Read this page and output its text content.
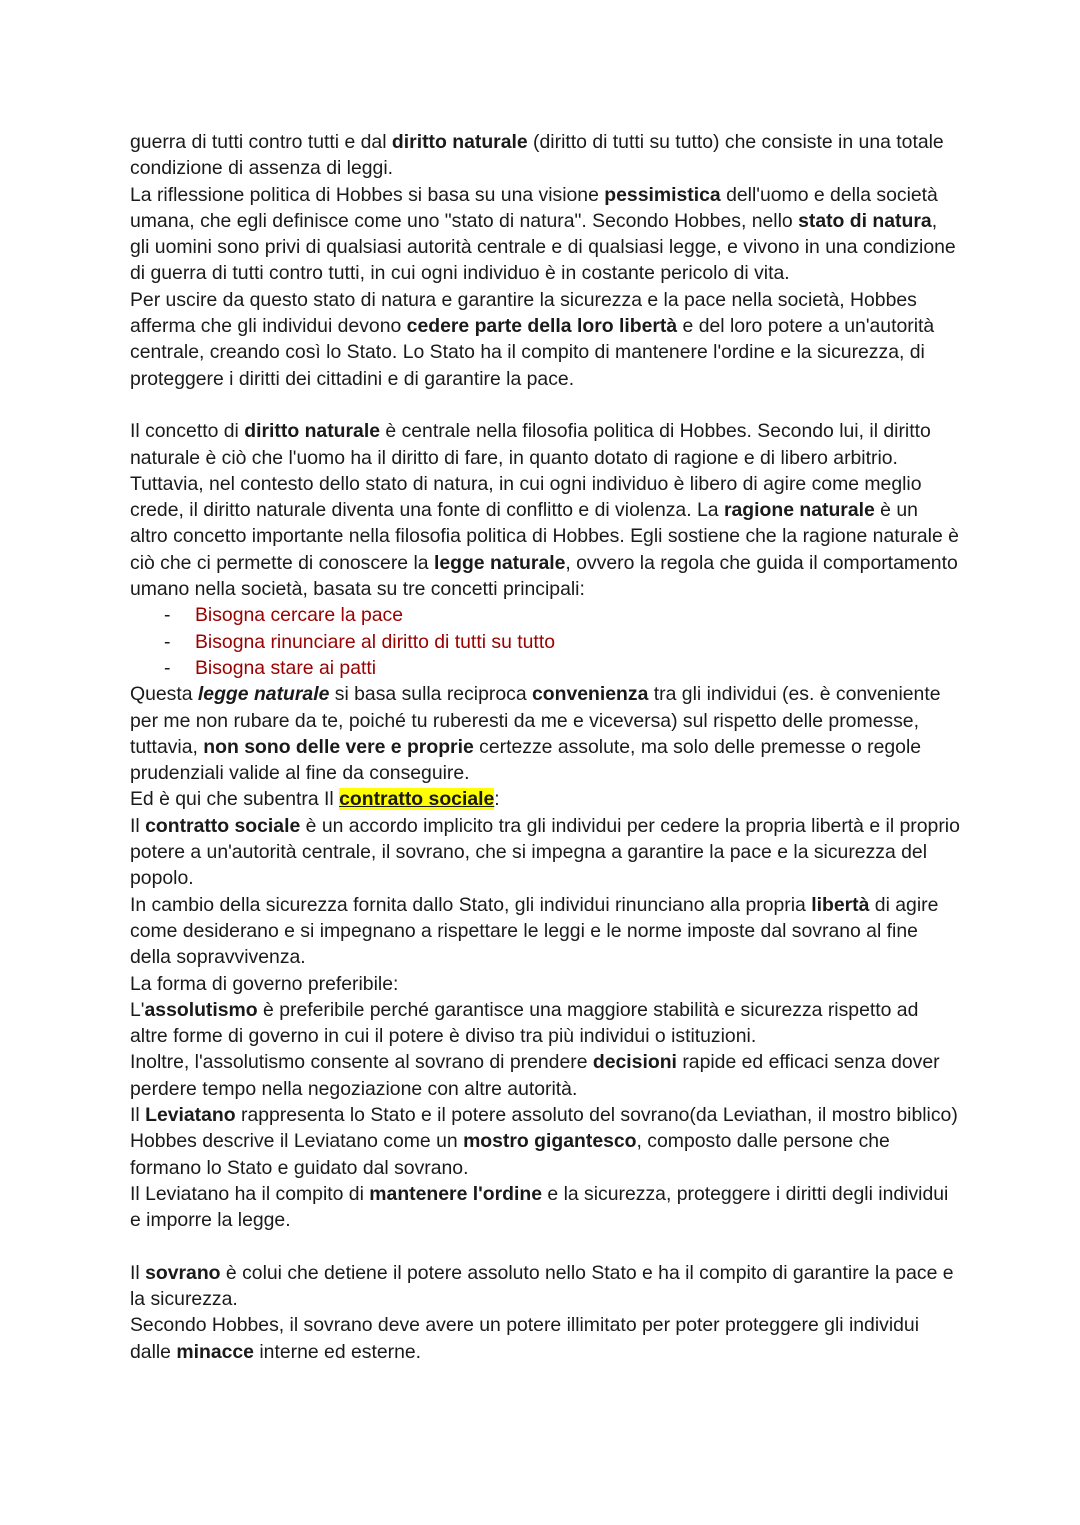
guerra di tutti contro tutti e dal diritto naturale (diritto di tutti su tutto) che consiste in una totale condizione di assenza di leggi.

La riflessione politica di Hobbes si basa su una visione pessimistica dell'uomo e della società umana, che egli definisce come uno "stato di natura". Secondo Hobbes, nello stato di natura, gli uomini sono privi di qualsiasi autorità centrale e di qualsiasi legge, e vivono in una condizione di guerra di tutti contro tutti, in cui ogni individuo è in costante pericolo di vita.

Per uscire da questo stato di natura e garantire la sicurezza e la pace nella società, Hobbes afferma che gli individui devono cedere parte della loro libertà e del loro potere a un'autorità centrale, creando così lo Stato. Lo Stato ha il compito di mantenere l'ordine e la sicurezza, di proteggere i diritti dei cittadini e di garantire la pace.

Il concetto di diritto naturale è centrale nella filosofia politica di Hobbes. Secondo lui, il diritto naturale è ciò che l'uomo ha il diritto di fare, in quanto dotato di ragione e di libero arbitrio. Tuttavia, nel contesto dello stato di natura, in cui ogni individuo è libero di agire come meglio crede, il diritto naturale diventa una fonte di conflitto e di violenza. La ragione naturale è un altro concetto importante nella filosofia politica di Hobbes. Egli sostiene che la ragione naturale è ciò che ci permette di conoscere la legge naturale, ovvero la regola che guida il comportamento umano nella società, basata su tre concetti principali:

- Bisogna cercare la pace
- Bisogna rinunciare al diritto di tutti su tutto
- Bisogna stare ai patti

Questa legge naturale si basa sulla reciproca convenienza tra gli individui (es. è conveniente per me non rubare da te, poiché tu ruberesti da me e viceversa) sul rispetto delle promesse, tuttavia, non sono delle vere e proprie certezze assolute, ma solo delle premesse o regole prudenziali valide al fine da conseguire.

Ed è qui che subentra Il contratto sociale:

Il contratto sociale è un accordo implicito tra gli individui per cedere la propria libertà e il proprio potere a un'autorità centrale, il sovrano, che si impegna a garantire la pace e la sicurezza del popolo.

In cambio della sicurezza fornita dallo Stato, gli individui rinunciano alla propria libertà di agire come desiderano e si impegnano a rispettare le leggi e le norme imposte dal sovrano al fine della sopravvivenza.

La forma di governo preferibile:

L'assolutismo è preferibile perché garantisce una maggiore stabilità e sicurezza rispetto ad altre forme di governo in cui il potere è diviso tra più individui o istituzioni.

Inoltre, l'assolutismo consente al sovrano di prendere decisioni rapide ed efficaci senza dover perdere tempo nella negoziazione con altre autorità.

Il Leviatano rappresenta lo Stato e il potere assoluto del sovrano(da Leviathan, il mostro biblico)

Hobbes descrive il Leviatano come un mostro gigantesco, composto dalle persone che formano lo Stato e guidato dal sovrano.

Il Leviatano ha il compito di mantenere l'ordine e la sicurezza, proteggere i diritti degli individui e imporre la legge.

Il sovrano è colui che detiene il potere assoluto nello Stato e ha il compito di garantire la pace e la sicurezza.

Secondo Hobbes, il sovrano deve avere un potere illimitato per poter proteggere gli individui dalle minacce interne ed esterne.
